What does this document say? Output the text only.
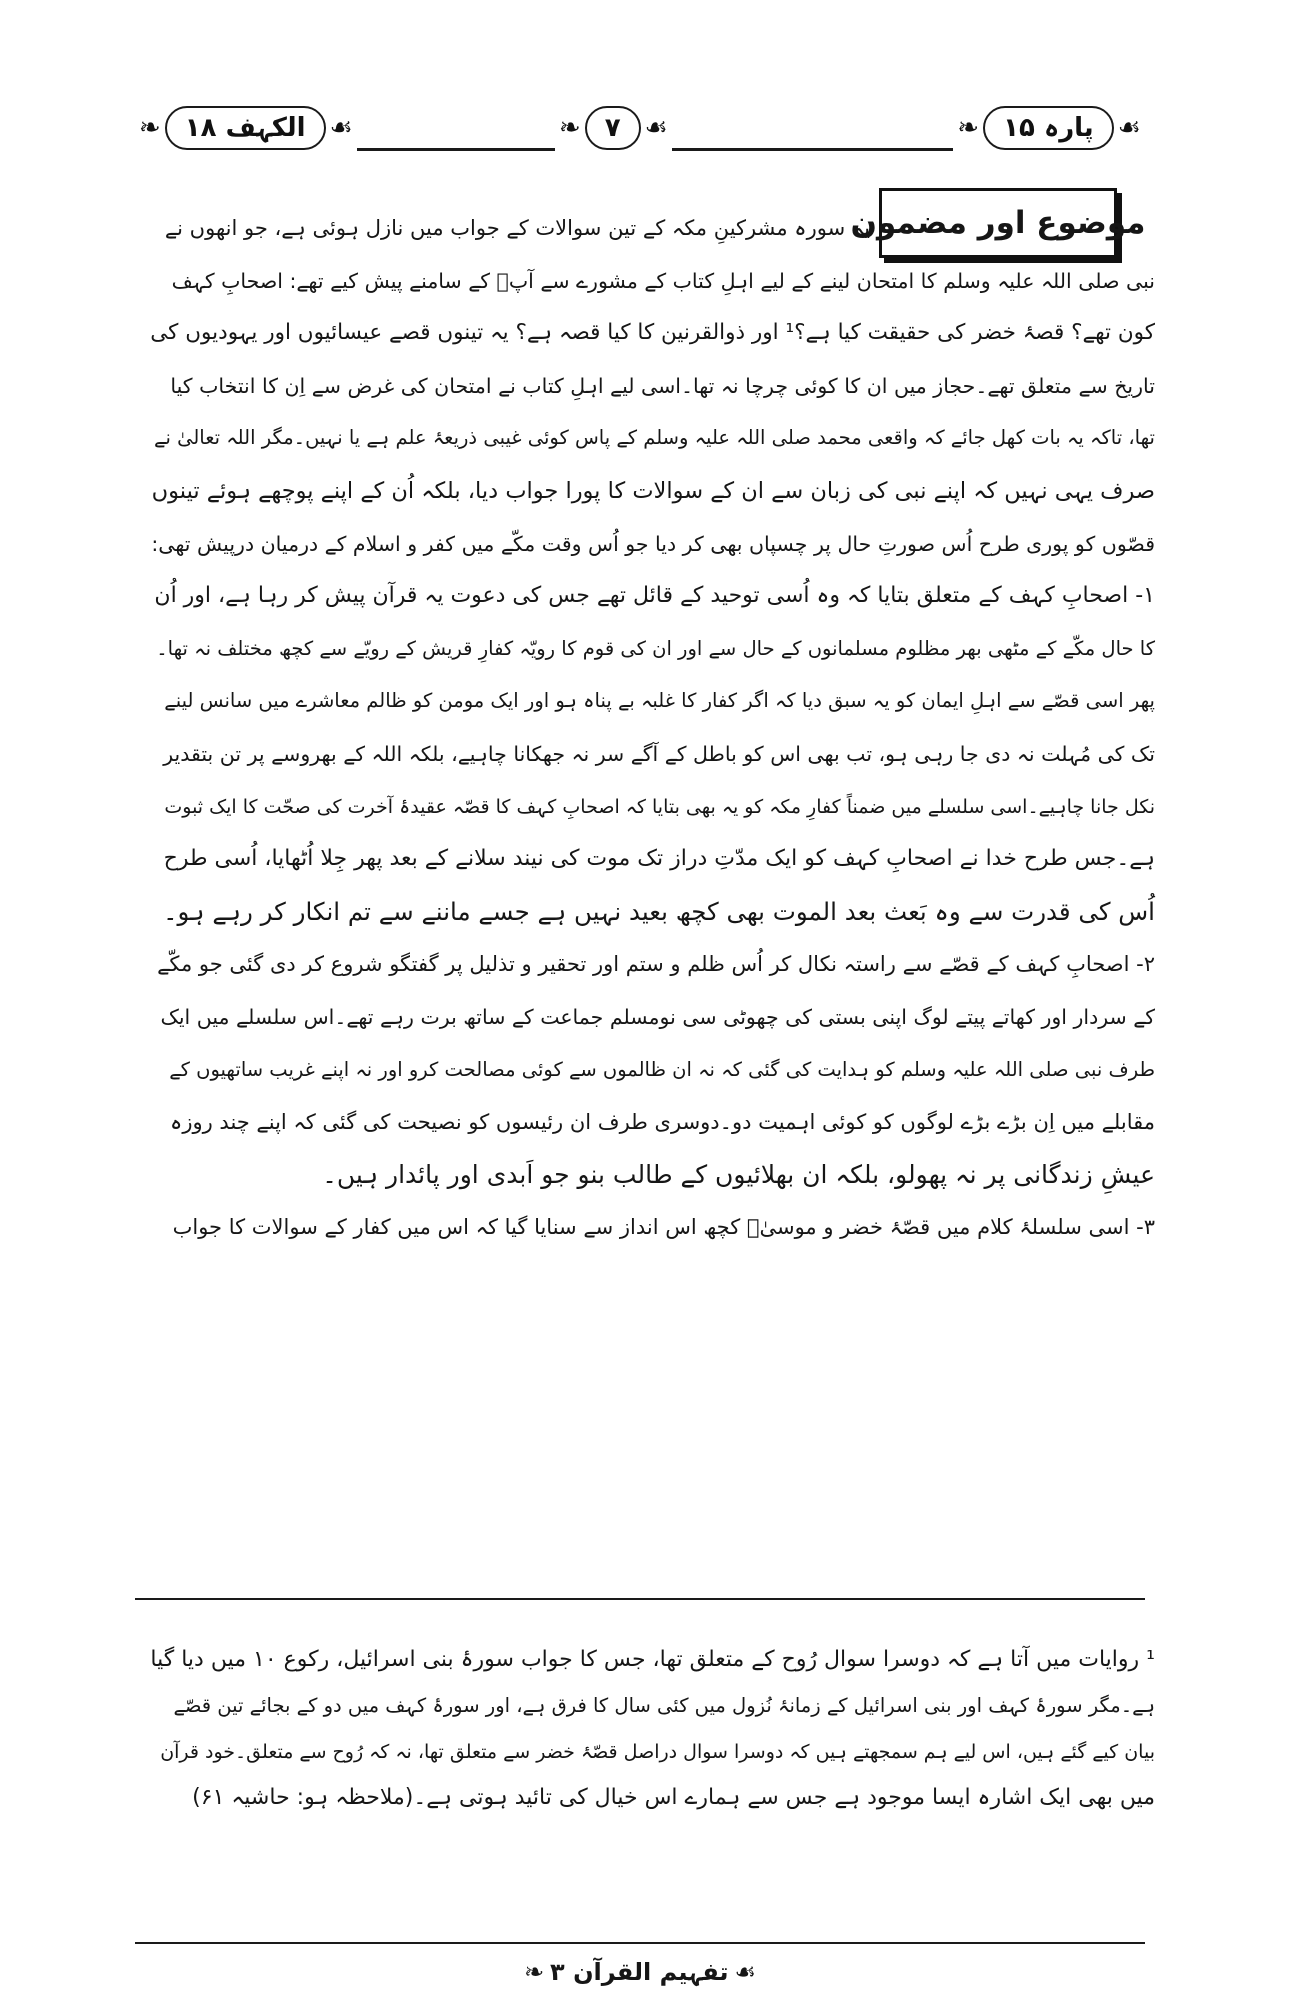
❧ الکہف ۱۸ ☙	❧ ۷ ☙	❧ پارہ ۱۵ ☙
موضوع اور مضمون
یہ سورہ مشرکینِ مکہ کے تین سوالات کے جواب میں نازل ہوئی ہے، جو انھوں نے
نبی صلی اللہ علیہ وسلم کا امتحان لینے کے لیے اہلِ کتاب کے مشورے سے آپؐ کے سامنے پیش کیے تھے: اصحابِ کہف
کون تھے؟ قصۂ خضر کی حقیقت کیا ہے؟¹ اور ذوالقرنین کا کیا قصہ ہے؟ یہ تینوں قصے عیسائیوں اور یہودیوں کی
تاریخ سے متعلق تھے۔حجاز میں ان کا کوئی چرچا نہ تھا۔اسی لیے اہلِ کتاب نے امتحان کی غرض سے اِن کا انتخاب کیا
تھا، تاکہ یہ بات کھل جائے کہ واقعی محمد صلی اللہ علیہ وسلم کے پاس کوئی غیبی ذریعۂ علم ہے یا نہیں۔مگر اللہ تعالیٰ نے
صرف یہی نہیں کہ اپنے نبی کی زبان سے ان کے سوالات کا پورا جواب دیا، بلکہ اُن کے اپنے پوچھے ہوئے تینوں
قصّوں کو پوری طرح اُس صورتِ حال پر چسپاں بھی کر دیا جو اُس وقت مکّے میں کفر و اسلام کے درمیان درپیش تھی:
۱- اصحابِ کہف کے متعلق بتایا کہ وہ اُسی توحید کے قائل تھے جس کی دعوت یہ قرآن پیش کر رہا ہے، اور اُن
کا حال مکّے کے مٹھی بھر مظلوم مسلمانوں کے حال سے اور ان کی قوم کا رویّہ کفارِ قریش کے رویّے سے کچھ مختلف نہ تھا۔
پھر اسی قصّے سے اہلِ ایمان کو یہ سبق دیا کہ اگر کفار کا غلبہ بے پناہ ہو اور ایک مومن کو ظالم معاشرے میں سانس لینے
تک کی مُہلت نہ دی جا رہی ہو، تب بھی اس کو باطل کے آگے سر نہ جھکانا چاہیے، بلکہ اللہ کے بھروسے پر تن بتقدیر
نکل جانا چاہیے۔اسی سلسلے میں ضمناً کفارِ مکہ کو یہ بھی بتایا کہ اصحابِ کہف کا قصّہ عقیدۂ آخرت کی صحّت کا ایک ثبوت
ہے۔جس طرح خدا نے اصحابِ کہف کو ایک مدّتِ دراز تک موت کی نیند سلانے کے بعد پھر جِلا اُٹھایا، اُسی طرح
اُس کی قدرت سے وہ بَعث بعد الموت بھی کچھ بعید نہیں ہے جسے ماننے سے تم انکار کر رہے ہو۔
۲- اصحابِ کہف کے قصّے سے راستہ نکال کر اُس ظلم و ستم اور تحقیر و تذلیل پر گفتگو شروع کر دی گئی جو مکّے
کے سردار اور کھاتے پیتے لوگ اپنی بستی کی چھوٹی سی نومسلم جماعت کے ساتھ برت رہے تھے۔اس سلسلے میں ایک
طرف نبی صلی اللہ علیہ وسلم کو ہدایت کی گئی کہ نہ ان ظالموں سے کوئی مصالحت کرو اور نہ اپنے غریب ساتھیوں کے
مقابلے میں اِن بڑے بڑے لوگوں کو کوئی اہمیت دو۔دوسری طرف ان رئیسوں کو نصیحت کی گئی کہ اپنے چند روزہ
عیشِ زندگانی پر نہ پھولو، بلکہ ان بھلائیوں کے طالب بنو جو اَبدی اور پائدار ہیں۔
۳- اسی سلسلۂ کلام میں قصّۂ خضر و موسیٰؑ کچھ اس انداز سے سنایا گیا کہ اس میں کفار کے سوالات کا جواب
¹ روایات میں آتا ہے کہ دوسرا سوال رُوح کے متعلق تھا، جس کا جواب سورۂ بنی اسرائیل، رکوع ۱۰ میں دیا گیا
ہے۔مگر سورۂ کہف اور بنی اسرائیل کے زمانۂ نُزول میں کئی سال کا فرق ہے، اور سورۂ کہف میں دو کے بجائے تین قصّے
بیان کیے گئے ہیں، اس لیے ہم سمجھتے ہیں کہ دوسرا سوال دراصل قصّۂ خضر سے متعلق تھا، نہ کہ رُوح سے متعلق۔خود قرآن
میں بھی ایک اشارہ ایسا موجود ہے جس سے ہمارے اس خیال کی تائید ہوتی ہے۔(ملاحظہ ہو: حاشیہ ۶۱)
❧ تفہیم القرآن ۳ ☙
